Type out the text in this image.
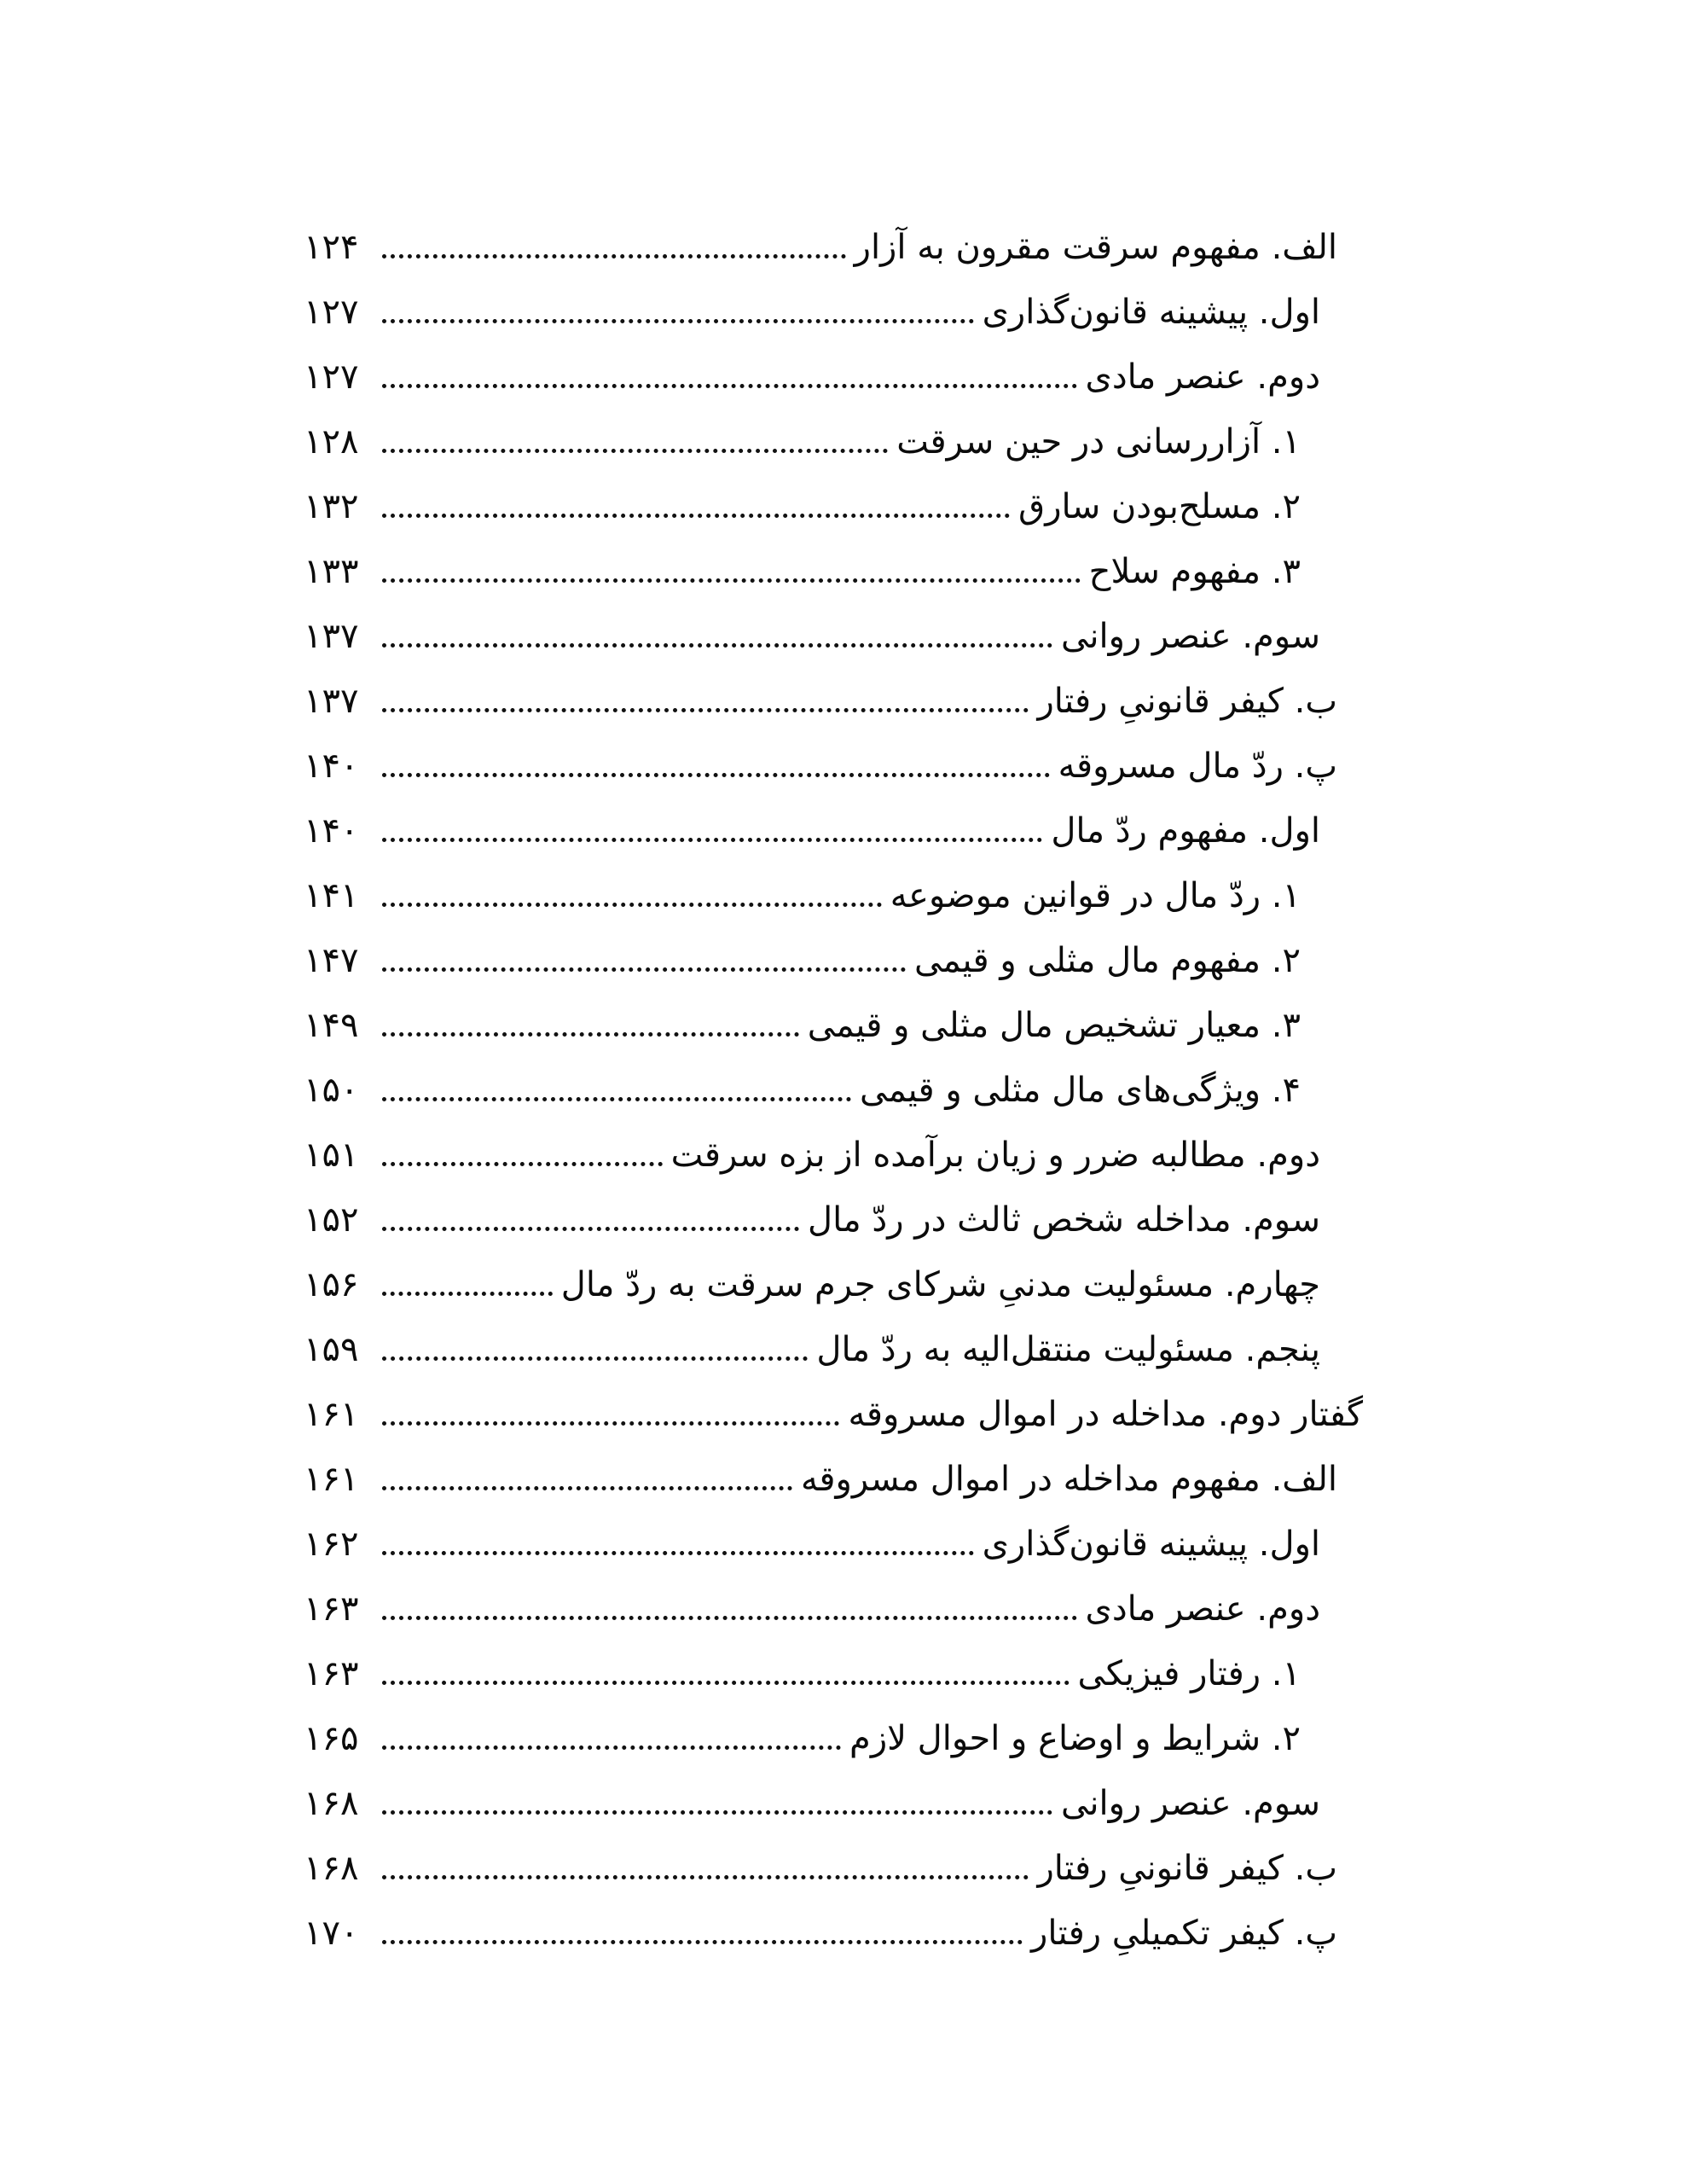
الف. مفهوم سرقت مقرون به آزار
۱۲۴
اول. پیشینه قانون‌گذاری
۱۲۷
دوم. عنصر مادی
۱۲۷
۱. آزاررسانی در حین سرقت
۱۲۸
۲. مسلح‌بودن سارق
۱۳۲
۳. مفهوم سلاح
۱۳۳
سوم. عنصر روانی
۱۳۷
ب. کیفر قانونیِ رفتار
۱۳۷
پ. ردّ مال مسروقه
۱۴۰
اول. مفهوم ردّ مال
۱۴۰
۱. ردّ مال در قوانین موضوعه
۱۴۱
۲. مفهوم مال مثلی و قیمی
۱۴۷
۳. معیار تشخیص مال مثلی و قیمی
۱۴۹
۴. ویژگی‌های مال مثلی و قیمی
۱۵۰
دوم. مطالبه ضرر و زیان برآمده از بزه سرقت
۱۵۱
سوم. مداخله شخص ثالث در ردّ مال
۱۵۲
چهارم. مسئولیت مدنیِ شرکای جرم سرقت به ردّ مال
۱۵۶
پنجم. مسئولیت منتقل‌الیه به ردّ مال
۱۵۹
گفتار دوم. مداخله در اموال مسروقه
۱۶۱
الف. مفهوم مداخله در اموال مسروقه
۱۶۱
اول. پیشینه قانون‌گذاری
۱۶۲
دوم. عنصر مادی
۱۶۳
۱. رفتار فیزیکی
۱۶۳
۲. شرایط و اوضاع و احوال لازم
۱۶۵
سوم. عنصر روانی
۱۶۸
ب. کیفر قانونیِ رفتار
۱۶۸
پ. کیفر تکمیلیِ رفتار
۱۷۰
